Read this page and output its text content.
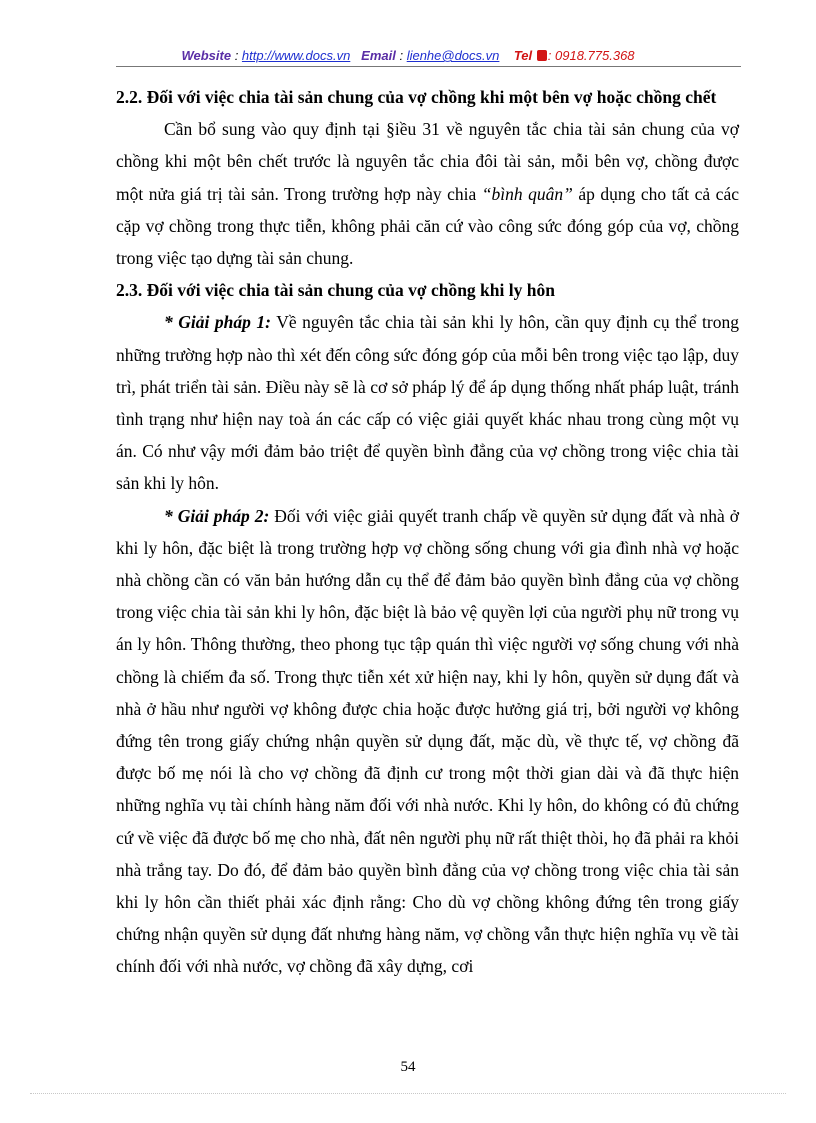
Website : http://www.docs.vn Email : lienhe@docs.vn Tel : 0918.775.368

2.2. Đối với việc chia tài sản chung của vợ chồng khi một bên vợ hoặc chồng chết

Cần bổ sung vào quy định tại §iều 31 về nguyên tắc chia tài sản chung của vợ chồng khi một bên chết trước là nguyên tắc chia đôi tài sản, mỗi bên vợ, chồng được một nửa giá trị tài sản. Trong trường hợp này chia “bình quân” áp dụng cho tất cả các cặp vợ chồng trong thực tiễn, không phải căn cứ vào công sức đóng góp của vợ, chồng trong việc tạo dựng tài sản chung.

2.3. Đối với việc chia tài sản chung của vợ chồng khi ly hôn

* Giải pháp 1: Về nguyên tắc chia tài sản khi ly hôn, cần quy định cụ thể trong những trường hợp nào thì xét đến công sức đóng góp của mỗi bên trong việc tạo lập, duy trì, phát triển tài sản. Điều này sẽ là cơ sở pháp lý để áp dụng thống nhất pháp luật, tránh tình trạng như hiện nay toà án các cấp có việc giải quyết khác nhau trong cùng một vụ án. Có như vậy mới đảm bảo triệt để quyền bình đẳng của vợ chồng trong việc chia tài sản khi ly hôn.

* Giải pháp 2: Đối với việc giải quyết tranh chấp về quyền sử dụng đất và nhà ở khi ly hôn, đặc biệt là trong trường hợp vợ chồng sống chung với gia đình nhà vợ hoặc nhà chồng cần có văn bản hướng dẫn cụ thể để đảm bảo quyền bình đẳng của vợ chồng trong việc chia tài sản khi ly hôn, đặc biệt là bảo vệ quyền lợi của người phụ nữ trong vụ án ly hôn. Thông thường, theo phong tục tập quán thì việc người vợ sống chung với nhà chồng là chiếm đa số. Trong thực tiễn xét xử hiện nay, khi ly hôn, quyền sử dụng đất và nhà ở hầu như người vợ không được chia hoặc được hưởng giá trị, bởi người vợ không đứng tên trong giấy chứng nhận quyền sử dụng đất, mặc dù, về thực tế, vợ chồng đã được bố mẹ nói là cho vợ chồng đã định cư trong một thời gian dài và đã thực hiện những nghĩa vụ tài chính hàng năm đối với nhà nước. Khi ly hôn, do không có đủ chứng cứ về việc đã được bố mẹ cho nhà, đất nên người phụ nữ rất thiệt thòi, họ đã phải ra khỏi nhà trắng tay. Do đó, để đảm bảo quyền bình đẳng của vợ chồng trong việc chia tài sản khi ly hôn cần thiết phải xác định rằng: Cho dù vợ chồng không đứng tên trong giấy chứng nhận quyền sử dụng đất nhưng hàng năm, vợ chồng vẫn thực hiện nghĩa vụ về tài chính đối với nhà nước, vợ chồng đã xây dựng, cơi

54
